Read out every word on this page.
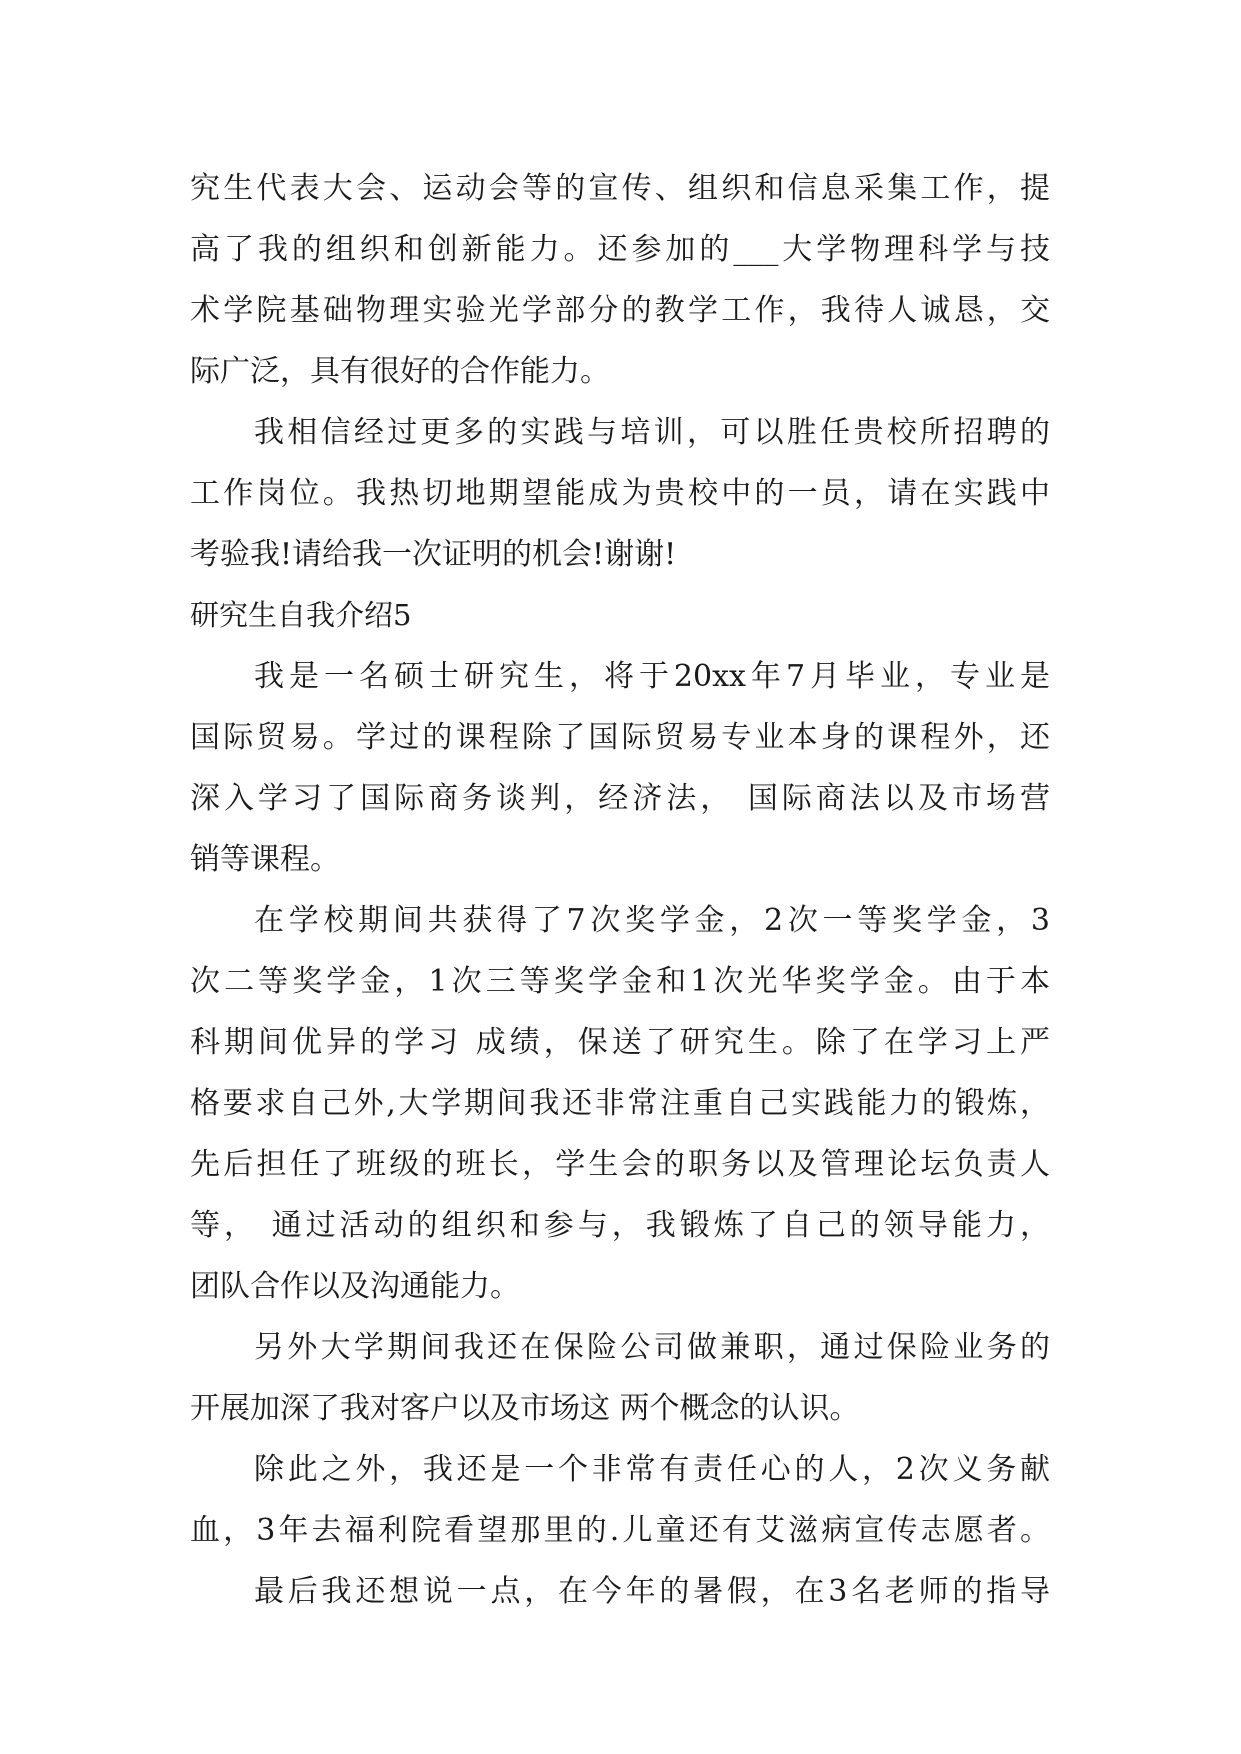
究生代表大会、运动会等的宣传、组织和信息采集工作，提
高了我的组织和创新能力。还参加的___大学物理科学与技
术学院基础物理实验光学部分的教学工作，我待人诚恳，交
际广泛，具有很好的合作能力。
我相信经过更多的实践与培训，可以胜任贵校所招聘的
工作岗位。我热切地期望能成为贵校中的一员，请在实践中
考验我!请给我一次证明的机会!谢谢!
研究生自我介绍5
我是一名硕士研究生，将于20xx年7月毕业，专业是
国际贸易。学过的课程除了国际贸易专业本身的课程外，还
深入学习了国际商务谈判，经济法， 国际商法以及市场营
销等课程。
在学校期间共获得了7次奖学金，2次一等奖学金，3
次二等奖学金，1次三等奖学金和1次光华奖学金。由于本
科期间优异的学习 成绩，保送了研究生。除了在学习上严
格要求自己外,大学期间我还非常注重自己实践能力的锻炼，
先后担任了班级的班长，学生会的职务以及管理论坛负责人
等， 通过活动的组织和参与，我锻炼了自己的领导能力，
团队合作以及沟通能力。
另外大学期间我还在保险公司做兼职，通过保险业务的
开展加深了我对客户以及市场这 两个概念的认识。
除此之外，我还是一个非常有责任心的人，2次义务献
血，3年去福利院看望那里的.儿童还有艾滋病宣传志愿者。
最后我还想说一点，在今年的暑假，在3名老师的指导
